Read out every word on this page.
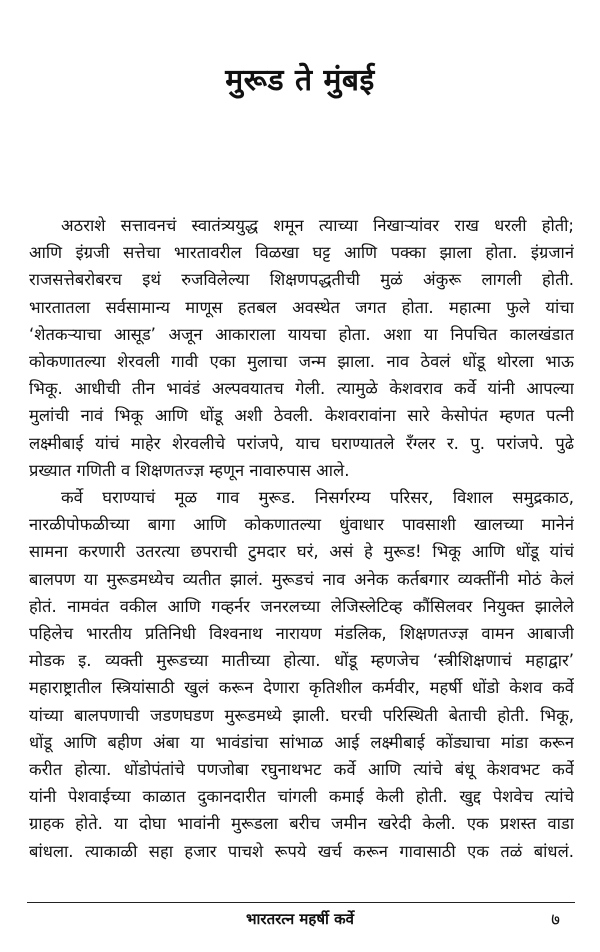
मुरूड ते मुंबई
अठराशे सत्तावनचं स्वातंत्र्ययुद्ध शमून त्याच्या निखाऱ्यांवर राख धरली होती;
आणि इंग्रजी सत्तेचा भारतावरील विळखा घट्ट आणि पक्का झाला होता. इंग्रजानं
राजसत्तेबरोबरच इथं रुजविलेल्या शिक्षणपद्धतीची मुळं अंकुरू लागली होती.
भारतातला सर्वसामान्य माणूस हतबल अवस्थेत जगत होता. महात्मा फुले यांचा
‘शेतकऱ्याचा आसूड’ अजून आकाराला यायचा होता. अशा या निपचित कालखंडात
कोकणातल्या शेरवली गावी एका मुलाचा जन्म झाला. नाव ठेवलं धोंडू थोरला भाऊ
भिकू. आधीची तीन भावंडं अल्पवयातच गेली. त्यामुळे केशवराव कर्वे यांनी आपल्या
मुलांची नावं भिकू आणि धोंडू अशी ठेवली. केशवरावांना सारे केसोपंत म्हणत पत्नी
लक्ष्मीबाई यांचं माहेर शेरवलीचे परांजपे, याच घराण्यातले रँग्लर र. पु. परांजपे. पुढे
प्रख्यात गणिती व शिक्षणतज्ज्ञ म्हणून नावारुपास आले.
कर्वे घराण्याचं मूळ गाव मुरूड. निसर्गरम्य परिसर, विशाल समुद्रकाठ,
नारळीपोफळीच्या बागा आणि कोकणातल्या धुंवाधार पावसाशी खालच्या मानेनं
सामना करणारी उतरत्या छपराची टुमदार घरं, असं हे मुरूड! भिकू आणि धोंडू यांचं
बालपण या मुरूडमध्येच व्यतीत झालं. मुरूडचं नाव अनेक कर्तबगार व्यक्तींनी मोठं केलं
होतं. नामवंत वकील आणि गव्हर्नर जनरलच्या लेजिस्लेटिव्ह कौंसिलवर नियुक्त झालेले
पहिलेच भारतीय प्रतिनिधी विश्वनाथ नारायण मंडलिक, शिक्षणतज्ज्ञ वामन आबाजी
मोडक इ. व्यक्ती मुरूडच्या मातीच्या होत्या. धोंडू म्हणजेच ‘स्त्रीशिक्षणाचं महाद्वार’
महाराष्ट्रातील स्त्रियांसाठी खुलं करून देणारा कृतिशील कर्मवीर, महर्षी धोंडो केशव कर्वे
यांच्या बालपणाची जडणघडण मुरूडमध्ये झाली. घरची परिस्थिती बेताची होती. भिकू,
धोंडू आणि बहीण अंबा या भावंडांचा सांभाळ आई लक्ष्मीबाई कोंड्याचा मांडा करून
करीत होत्या. धोंडोपंतांचे पणजोबा रघुनाथभट कर्वे आणि त्यांचे बंधू केशवभट कर्वे
यांनी पेशवाईच्या काळात दुकानदारीत चांगली कमाई केली होती. खुद्द पेशवेच त्यांचे
ग्राहक होते. या दोघा भावांनी मुरूडला बरीच जमीन खरेदी केली. एक प्रशस्त वाडा
बांधला. त्याकाळी सहा हजार पाचशे रूपये खर्च करून गावासाठी एक तळं बांधलं.
भारतरत्न महर्षी कर्वे	७
